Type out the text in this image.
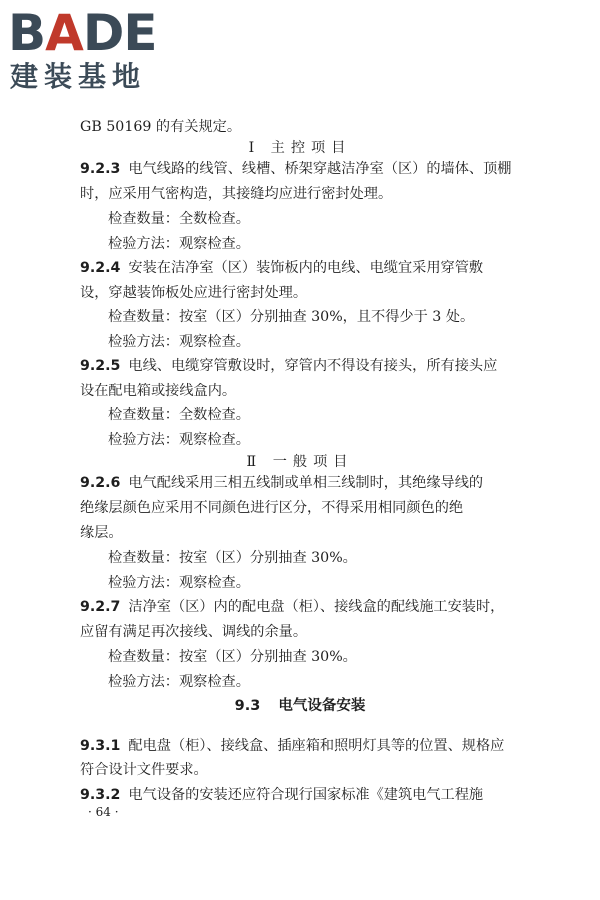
BADE
建装基地
GB 50169 的有关规定。
Ⅰ 主控项目
9.2.3 电气线路的线管、线槽、桥架穿越洁净室（区）的墙体、顶棚
时，应采用气密构造，其接缝均应进行密封处理。
检查数量：全数检查。
检验方法：观察检查。
9.2.4 安装在洁净室（区）装饰板内的电线、电缆宜采用穿管敷
设，穿越装饰板处应进行密封处理。
检查数量：按室（区）分别抽查 30%，且不得少于 3 处。
检验方法：观察检查。
9.2.5 电线、电缆穿管敷设时，穿管内不得设有接头，所有接头应
设在配电箱或接线盒内。
检查数量：全数检查。
检验方法：观察检查。
Ⅱ 一般项目
9.2.6 电气配线采用三相五线制或单相三线制时，其绝缘导线的
绝缘层颜色应采用不同颜色进行区分，不得采用相同颜色的绝
缘层。
检查数量：按室（区）分别抽查 30%。
检验方法：观察检查。
9.2.7 洁净室（区）内的配电盘（柜）、接线盒的配线施工安装时，
应留有满足再次接线、调线的余量。
检查数量：按室（区）分别抽查 30%。
检验方法：观察检查。
9.3 电气设备安装
9.3.1 配电盘（柜）、接线盒、插座箱和照明灯具等的位置、规格应
符合设计文件要求。
9.3.2 电气设备的安装还应符合现行国家标准《建筑电气工程施
· 64 ·
